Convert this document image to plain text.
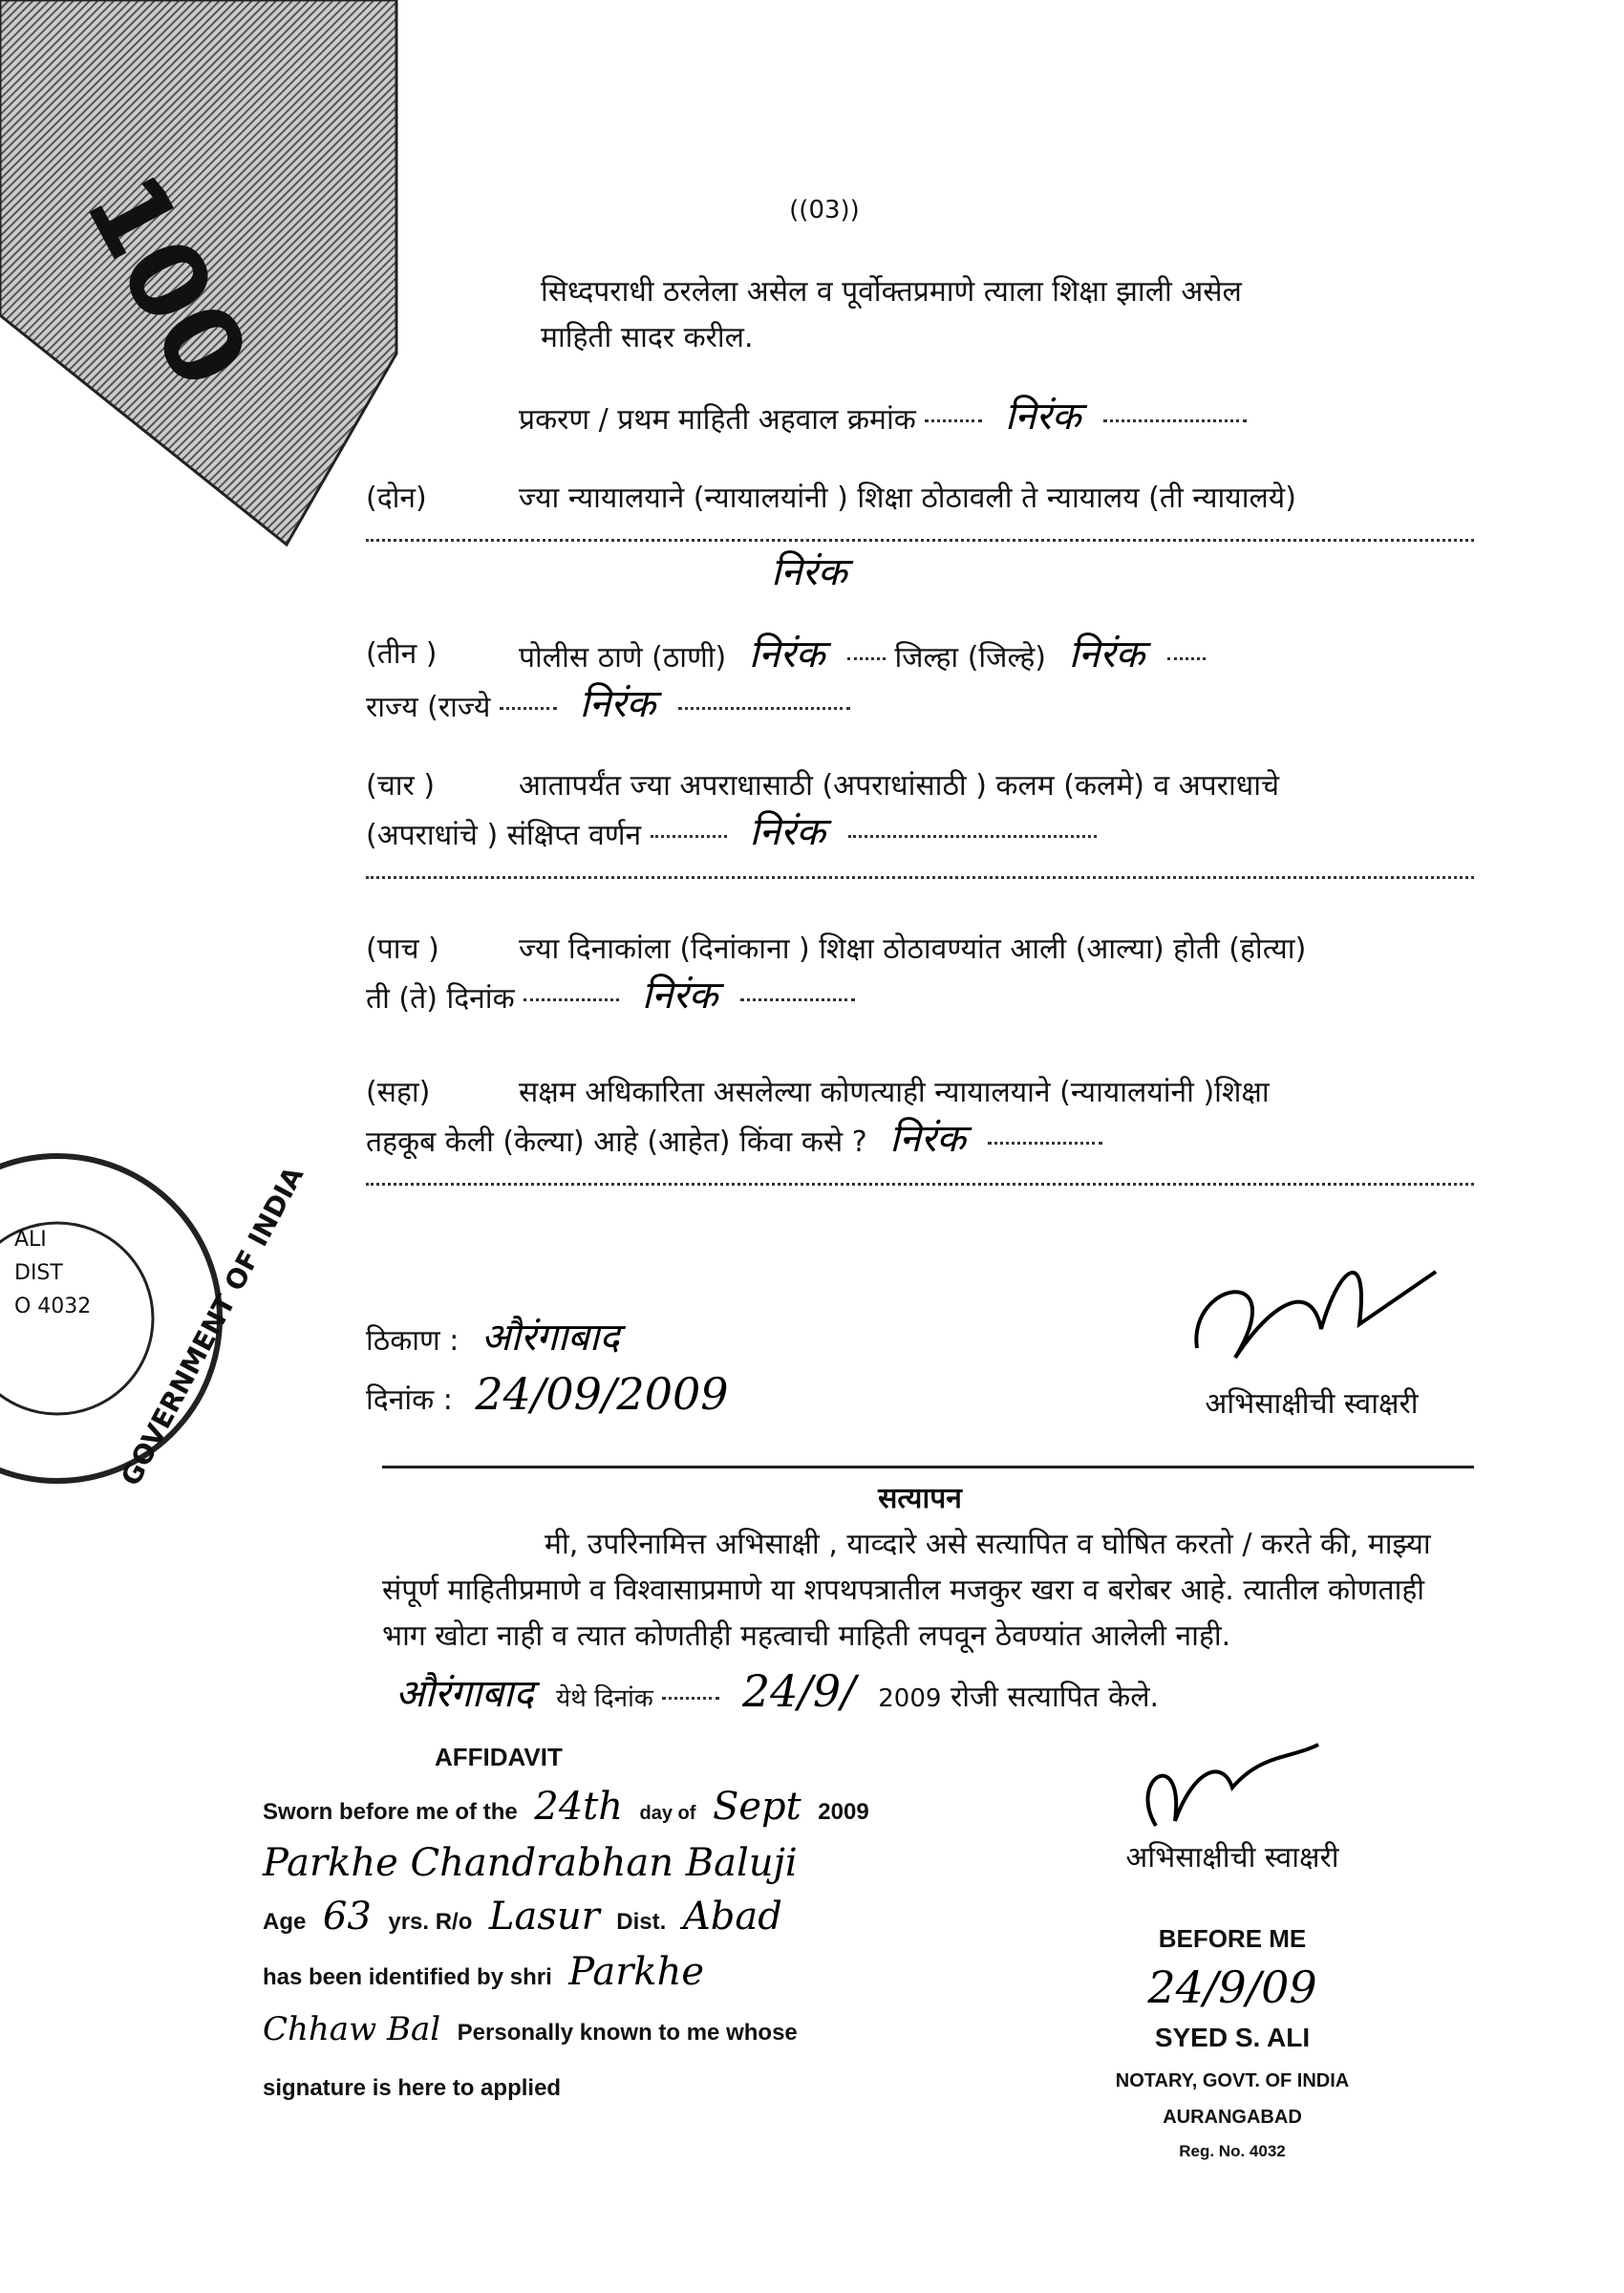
100
ALI
DIST
O 4032 GOVERNMENT OF INDIA
((03))
सिध्दपराधी ठरलेला असेल व पूर्वोक्तप्रमाणे त्याला शिक्षा झाली असेल
माहिती सादर करील.
प्रकरण / प्रथम माहिती अहवाल क्रमांक निरंक
(दोन)	ज्या न्यायालयाने (न्यायालयांनी ) शिक्षा ठोठावली ते न्यायालय (ती न्यायालये)
निरंक
(तीन )	पोलीस ठाणे (ठाणी) निरंक जिल्हा (जिल्हे) निरंक
राज्य (राज्ये निरंक
(चार )	आतापर्यंत ज्या अपराधासाठी (अपराधांसाठी ) कलम (कलमे) व अपराधाचे
(अपराधांचे ) संक्षिप्त वर्णन	निरंक
(पाच )	ज्या दिनाकांला (दिनांकाना ) शिक्षा ठोठावण्यांत आली (आल्या) होती (होत्या)
ती (ते) दिनांक	निरंक
(सहा)	सक्षम अधिकारिता असलेल्या कोणत्याही न्यायालयाने (न्यायालयांनी )शिक्षा
तहकूब केली (केल्या) आहे (आहेत) किंवा कसे ? निरंक
ठिकाण : औरंगाबाद
दिनांक : 24/09/2009	अभिसाक्षीची स्वाक्षरी
सत्यापन
मी, उपरिनामित्त अभिसाक्षी , याव्दारे असे सत्यापित व घोषित करतो / करते की, माझ्या संपूर्ण माहितीप्रमाणे व विश्वासाप्रमाणे या शपथपत्रातील मजकुर खरा व बरोबर आहे. त्यातील कोणताही भाग खोटा नाही व त्यात कोणतीही महत्वाची माहिती लपवून ठेवण्यांत आलेली नाही.
औरंगाबाद येथे दिनांक 24/9/ 2009 रोजी सत्यापित केले.
AFFIDAVIT
Sworn before me of the 24th day of Sept 2009
Parkhe Chandrabhan Baluji
Age 63 yrs. R/o Lasur Dist. Abad
has been identified by shri Parkhe
Chhaw Bal Personally known to me whose
signature is here to applied
अभिसाक्षीची स्वाक्षरी
BEFORE ME
24/9/09
SYED S. ALI
NOTARY, GOVT. OF INDIA
AURANGABAD
Reg. No. 4032
